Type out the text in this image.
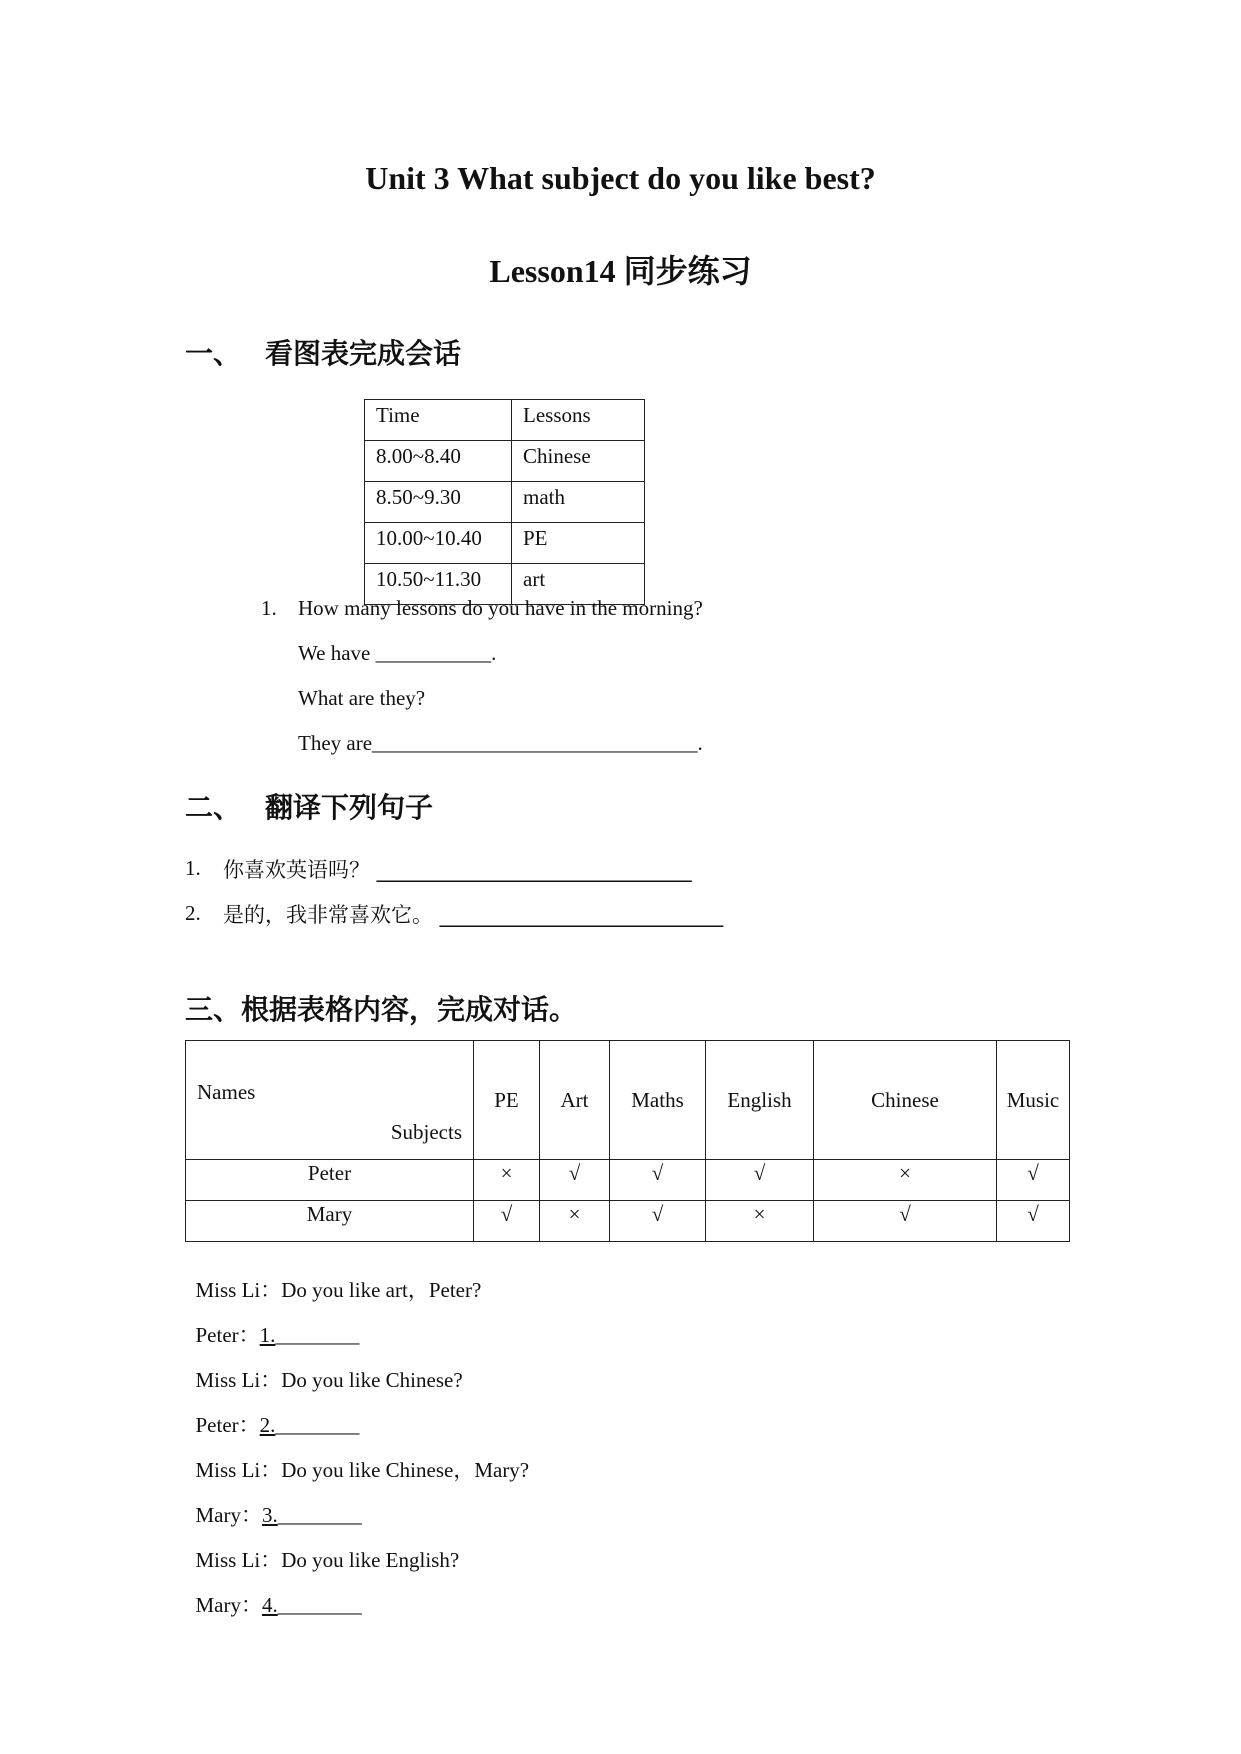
Unit 3 What subject do you like best?
Lesson14 同步练习
一、 看图表完成会话
Time	Lessons
8.00~8.40	Chinese
8.50~9.30	math
10.00~10.40	PE
10.50~11.30	art
1. How many lessons do you have in the morning?
We have ___________.
What are they?
They are_______________________________.
二、 翻译下列句子
1. 你喜欢英语吗？ ______________________________
2. 是的，我非常喜欢它。 ___________________________
三、根据表格内容，完成对话。
Names
Subjects	PE	Art	Maths	English	Chinese	Music
Peter	×	√	√	√	×	√
Mary	√	×	√	×	√	√

Miss Li：Do you like art，Peter?

Peter：1.________

Miss Li：Do you like Chinese?

Peter：2.________

Miss Li：Do you like Chinese，Mary?

Mary：3.________

Miss Li：Do you like English?

Mary：4.________
